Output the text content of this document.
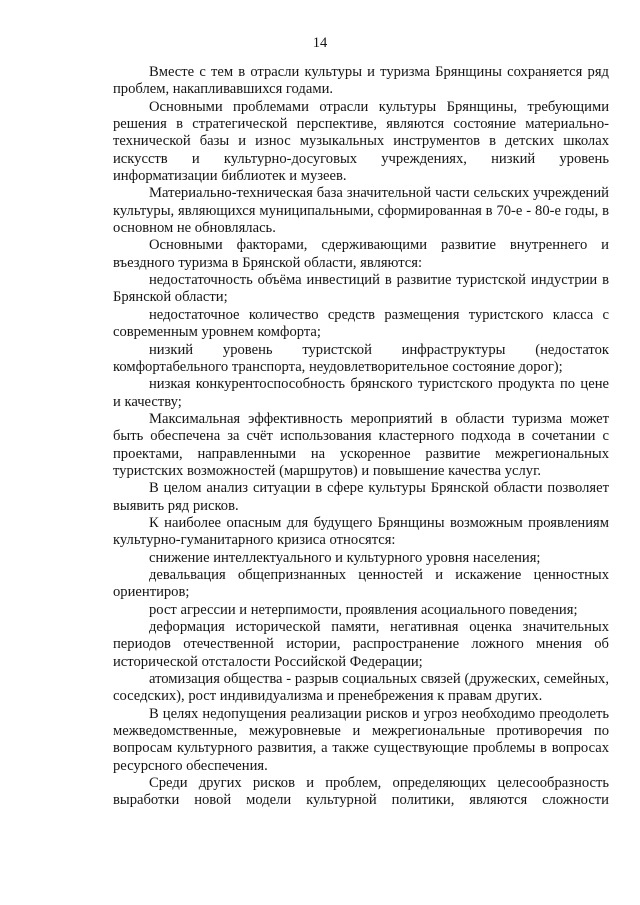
14

Вместе с тем в отрасли культуры и туризма Брянщины сохраняется ряд проблем, накапливавшихся годами.

Основными проблемами отрасли культуры Брянщины, требующими решения в стратегической перспективе, являются состояние материально-технической базы и износ музыкальных инструментов в детских школах искусств и культурно-досуговых учреждениях, низкий уровень информатизации библиотек и музеев.

Материально-техническая база значительной части сельских учреждений культуры, являющихся муниципальными, сформированная в 70-е - 80-е годы, в основном не обновлялась.

Основными факторами, сдерживающими развитие внутреннего и въездного туризма в Брянской области, являются:

недостаточность объёма инвестиций в развитие туристской индустрии в Брянской области;

недостаточное количество средств размещения туристского класса с современным уровнем комфорта;

низкий уровень туристской инфраструктуры (недостаток комфортабельного транспорта, неудовлетворительное состояние дорог);

низкая конкурентоспособность брянского туристского продукта по цене и качеству;

Максимальная эффективность мероприятий в области туризма может быть обеспечена за счёт использования кластерного подхода в сочетании с проектами, направленными на ускоренное развитие межрегиональных туристских возможностей (маршрутов) и повышение качества услуг.

В целом анализ ситуации в сфере культуры Брянской области позволяет выявить ряд рисков.

К наиболее опасным для будущего Брянщины возможным проявлениям культурно-гуманитарного кризиса относятся:

снижение интеллектуального и культурного уровня населения;

девальвация общепризнанных ценностей и искажение ценностных ориентиров;

рост агрессии и нетерпимости, проявления асоциального поведения;

деформация исторической памяти, негативная оценка значительных периодов отечественной истории, распространение ложного мнения об исторической отсталости Российской Федерации;

атомизация общества - разрыв социальных связей (дружеских, семейных, соседских), рост индивидуализма и пренебрежения к правам других.

В целях недопущения реализации рисков и угроз необходимо преодолеть межведомственные, межуровневые и межрегиональные противоречия по вопросам культурного развития, а также существующие проблемы в вопросах ресурсного обеспечения.

Среди других рисков и проблем, определяющих целесообразность выработки новой модели культурной политики, являются сложности
